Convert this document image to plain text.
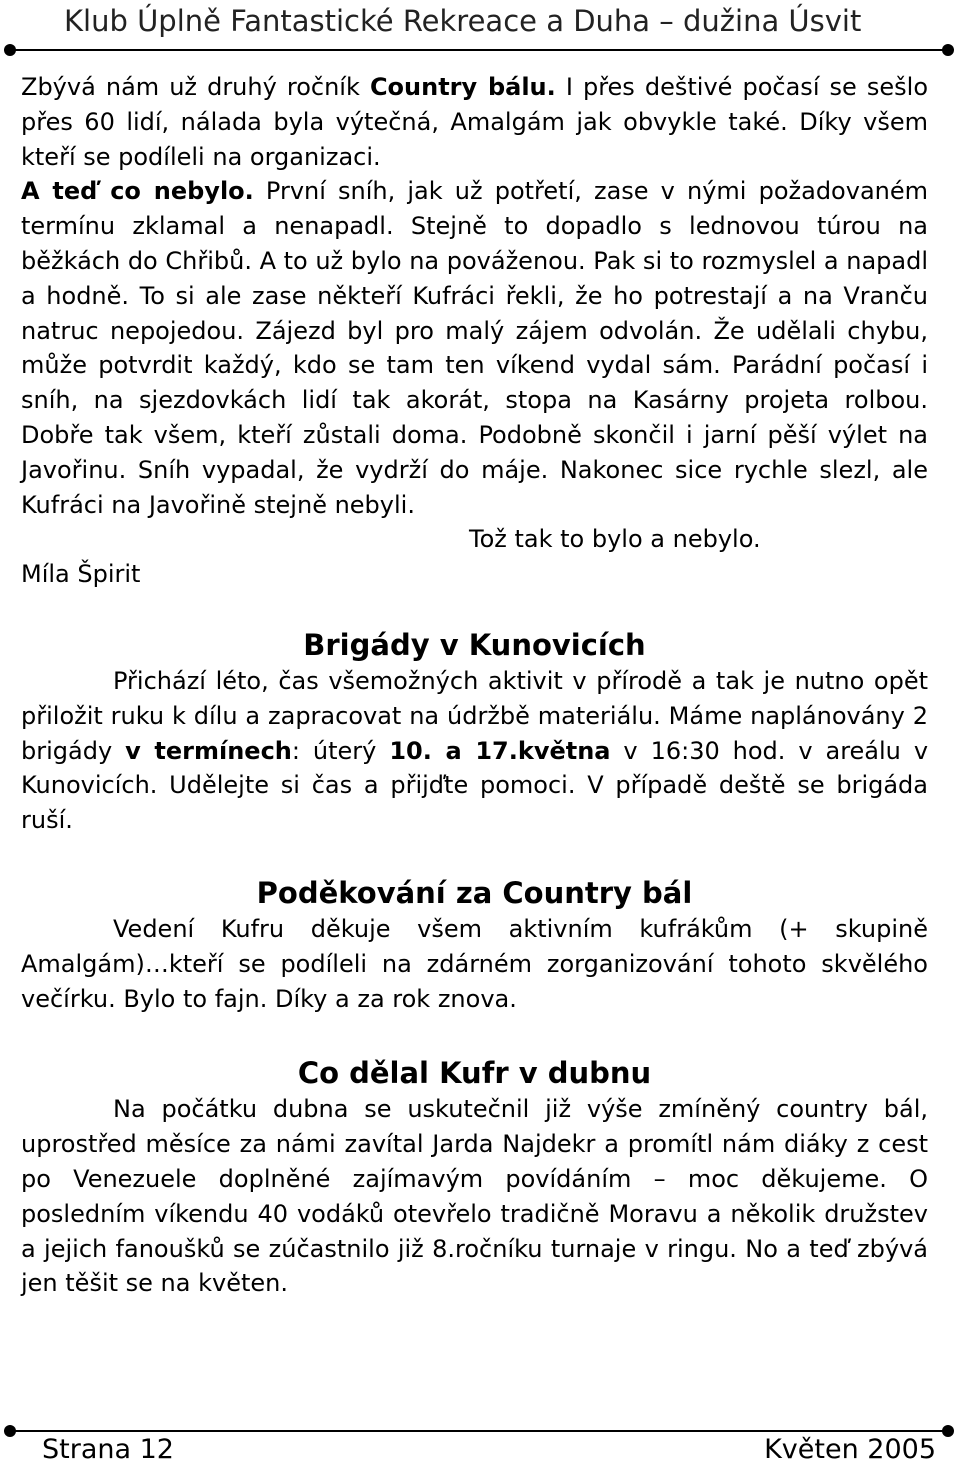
Klub Úplně Fantastické Rekreace a Duha – dužina Úsvit

Zbývá nám už druhý ročník Country bálu. I přes deštivé počasí se sešlo přes 60 lidí, nálada byla výtečná, Amalgám jak obvykle také. Díky všem kteří se podíleli na organizaci.

A teď co nebylo. První sníh, jak už potřetí, zase v nými požadovaném termínu zklamal a nenapadl. Stejně to dopadlo s lednovou túrou na běžkách do Chřibů. A to už bylo na pováženou. Pak si to rozmyslel a napadl a hodně. To si ale zase někteří Kufráci řekli, že ho potrestají a na Vranču natruc nepojedou. Zájezd byl pro malý zájem odvolán. Že udělali chybu, může potvrdit každý, kdo se tam ten víkend vydal sám. Parádní počasí i sníh, na sjezdovkách lidí tak akorát, stopa na Kasárny projeta rolbou. Dobře tak všem, kteří zůstali doma. Podobně skončil i jarní pěší výlet na Javořinu. Sníh vypadal, že vydrží do máje. Nakonec sice rychle slezl, ale Kufráci na Javořině stejně nebyli.

Tož tak to bylo a nebylo.

Míla Špirit

Brigády v Kunovicích

Přichází léto, čas všemožných aktivit v přírodě a tak je nutno opět přiložit ruku k dílu a zapracovat na údržbě materiálu. Máme naplánovány 2 brigády v termínech: úterý 10. a 17.května v 16:30 hod. v areálu v Kunovicích. Udělejte si čas a přijďte pomoci. V případě deště se brigáda ruší.

Poděkování za Country bál

Vedení Kufru děkuje všem aktivním kufrákům (+ skupině Amalgám)…kteří se podíleli na zdárném zorganizování tohoto skvělého večírku. Bylo to fajn. Díky a za rok znova.

Co dělal Kufr v dubnu

Na počátku dubna se uskutečnil již výše zmíněný country bál, uprostřed měsíce za námi zavítal Jarda Najdekr a promítl nám diáky z cest po Venezuele doplněné zajímavým povídáním – moc děkujeme. O posledním víkendu 40 vodáků otevřelo tradičně Moravu a několik družstev a jejich fanoušků se zúčastnilo již 8.ročníku turnaje v ringu. No a teď zbývá jen těšit se na květen.

Strana 12	Květen 2005
